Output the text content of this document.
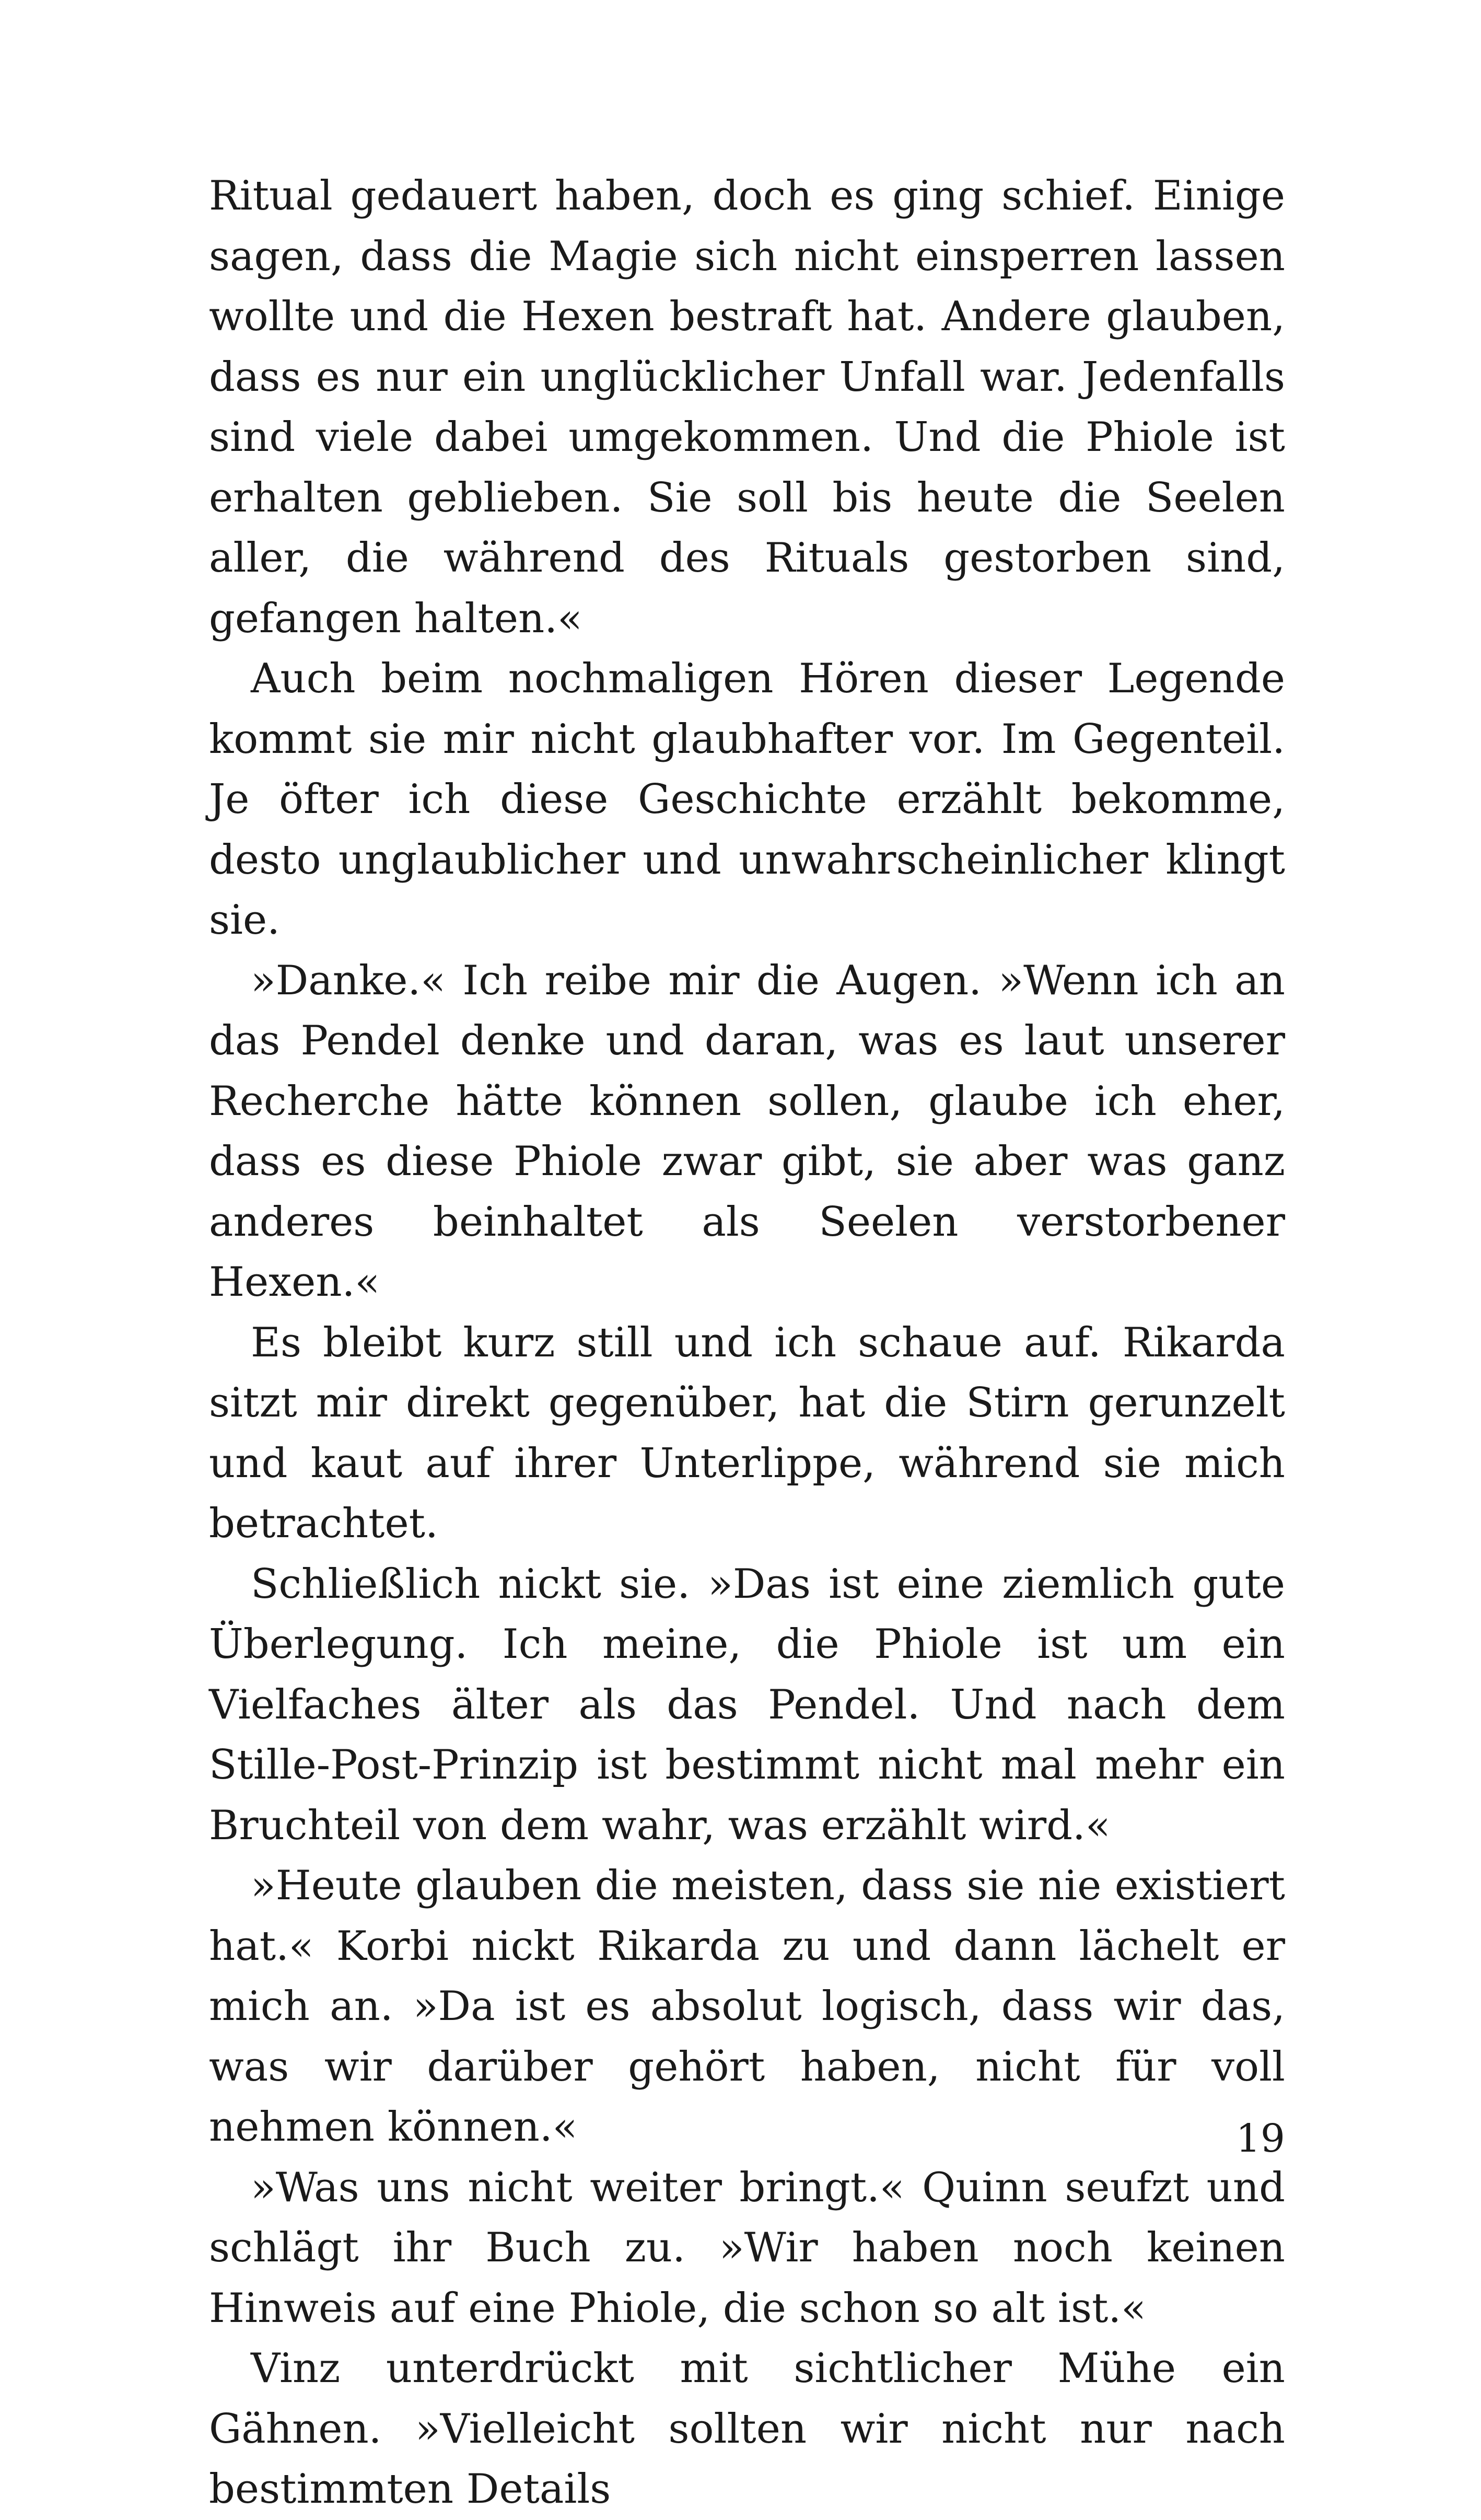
Ritual gedauert haben, doch es ging schief. Einige sagen, dass die Magie sich nicht einsperren lassen wollte und die Hexen bestraft hat. Andere glauben, dass es nur ein unglücklicher Unfall war. Jedenfalls sind viele dabei umgekommen. Und die Phiole ist erhalten geblieben. Sie soll bis heute die Seelen aller, die während des Rituals gestorben sind, gefangen halten.«

Auch beim nochmaligen Hören dieser Legende kommt sie mir nicht glaubhafter vor. Im Gegenteil. Je öfter ich diese Geschichte erzählt bekomme, desto unglaublicher und unwahrscheinlicher klingt sie.

»Danke.« Ich reibe mir die Augen. »Wenn ich an das Pendel denke und daran, was es laut unserer Recherche hätte können sollen, glaube ich eher, dass es diese Phiole zwar gibt, sie aber was ganz anderes beinhaltet als Seelen verstorbener Hexen.«

Es bleibt kurz still und ich schaue auf. Rikarda sitzt mir direkt gegenüber, hat die Stirn gerunzelt und kaut auf ihrer Unterlippe, während sie mich betrachtet.

Schließlich nickt sie. »Das ist eine ziemlich gute Überlegung. Ich meine, die Phiole ist um ein Vielfaches älter als das Pendel. Und nach dem Stille-Post-Prinzip ist bestimmt nicht mal mehr ein Bruchteil von dem wahr, was erzählt wird.«

»Heute glauben die meisten, dass sie nie existiert hat.« Korbi nickt Rikarda zu und dann lächelt er mich an. »Da ist es absolut logisch, dass wir das, was wir darüber gehört haben, nicht für voll nehmen können.«

»Was uns nicht weiter bringt.« Quinn seufzt und schlägt ihr Buch zu. »Wir haben noch keinen Hinweis auf eine Phiole, die schon so alt ist.«

Vinz unterdrückt mit sichtlicher Mühe ein Gähnen. »Vielleicht sollten wir nicht nur nach bestimmten Details

19
